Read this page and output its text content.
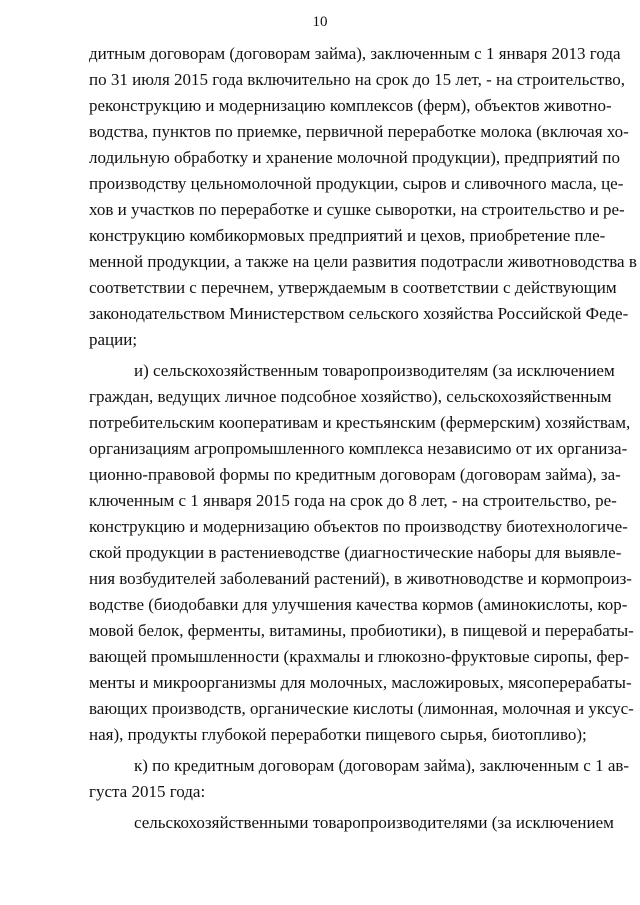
10
дитным договорам (договорам займа), заключенным с 1 января 2013 года
по 31 июля 2015 года включительно на срок до 15 лет, - на строительство,
реконструкцию и модернизацию комплексов (ферм), объектов животно-
водства, пунктов по приемке, первичной переработке молока (включая хо-
лодильную обработку и хранение молочной продукции), предприятий по
производству цельномолочной продукции, сыров и сливочного масла, це-
хов и участков по переработке и сушке сыворотки, на строительство и ре-
конструкцию комбикормовых предприятий и цехов, приобретение пле-
менной продукции, а также на цели развития подотрасли животноводства в
соответствии с перечнем, утверждаемым в соответствии с действующим
законодательством Министерством сельского хозяйства Российской Феде-
рации;
и) сельскохозяйственным товаропроизводителям (за исключением
граждан, ведущих личное подсобное хозяйство), сельскохозяйственным
потребительским кооперативам и крестьянским (фермерским) хозяйствам,
организациям агропромышленного комплекса независимо от их организа-
ционно-правовой формы по кредитным договорам (договорам займа), за-
ключенным с 1 января 2015 года на срок до 8 лет, - на строительство, ре-
конструкцию и модернизацию объектов по производству биотехнологиче-
ской продукции в растениеводстве (диагностические наборы для выявле-
ния возбудителей заболеваний растений), в животноводстве и кормопроиз-
водстве (биодобавки для улучшения качества кормов (аминокислоты, кор-
мовой белок, ферменты, витамины, пробиотики), в пищевой и перерабаты-
вающей промышленности (крахмалы и глюкозно-фруктовые сиропы, фер-
менты и микроорганизмы для молочных, масложировых, мясоперерабаты-
вающих производств, органические кислоты (лимонная, молочная и уксус-
ная), продукты глубокой переработки пищевого сырья, биотопливо);
к) по кредитным договорам (договорам займа), заключенным с 1 ав-
густа 2015 года:
сельскохозяйственными товаропроизводителями (за исключением
